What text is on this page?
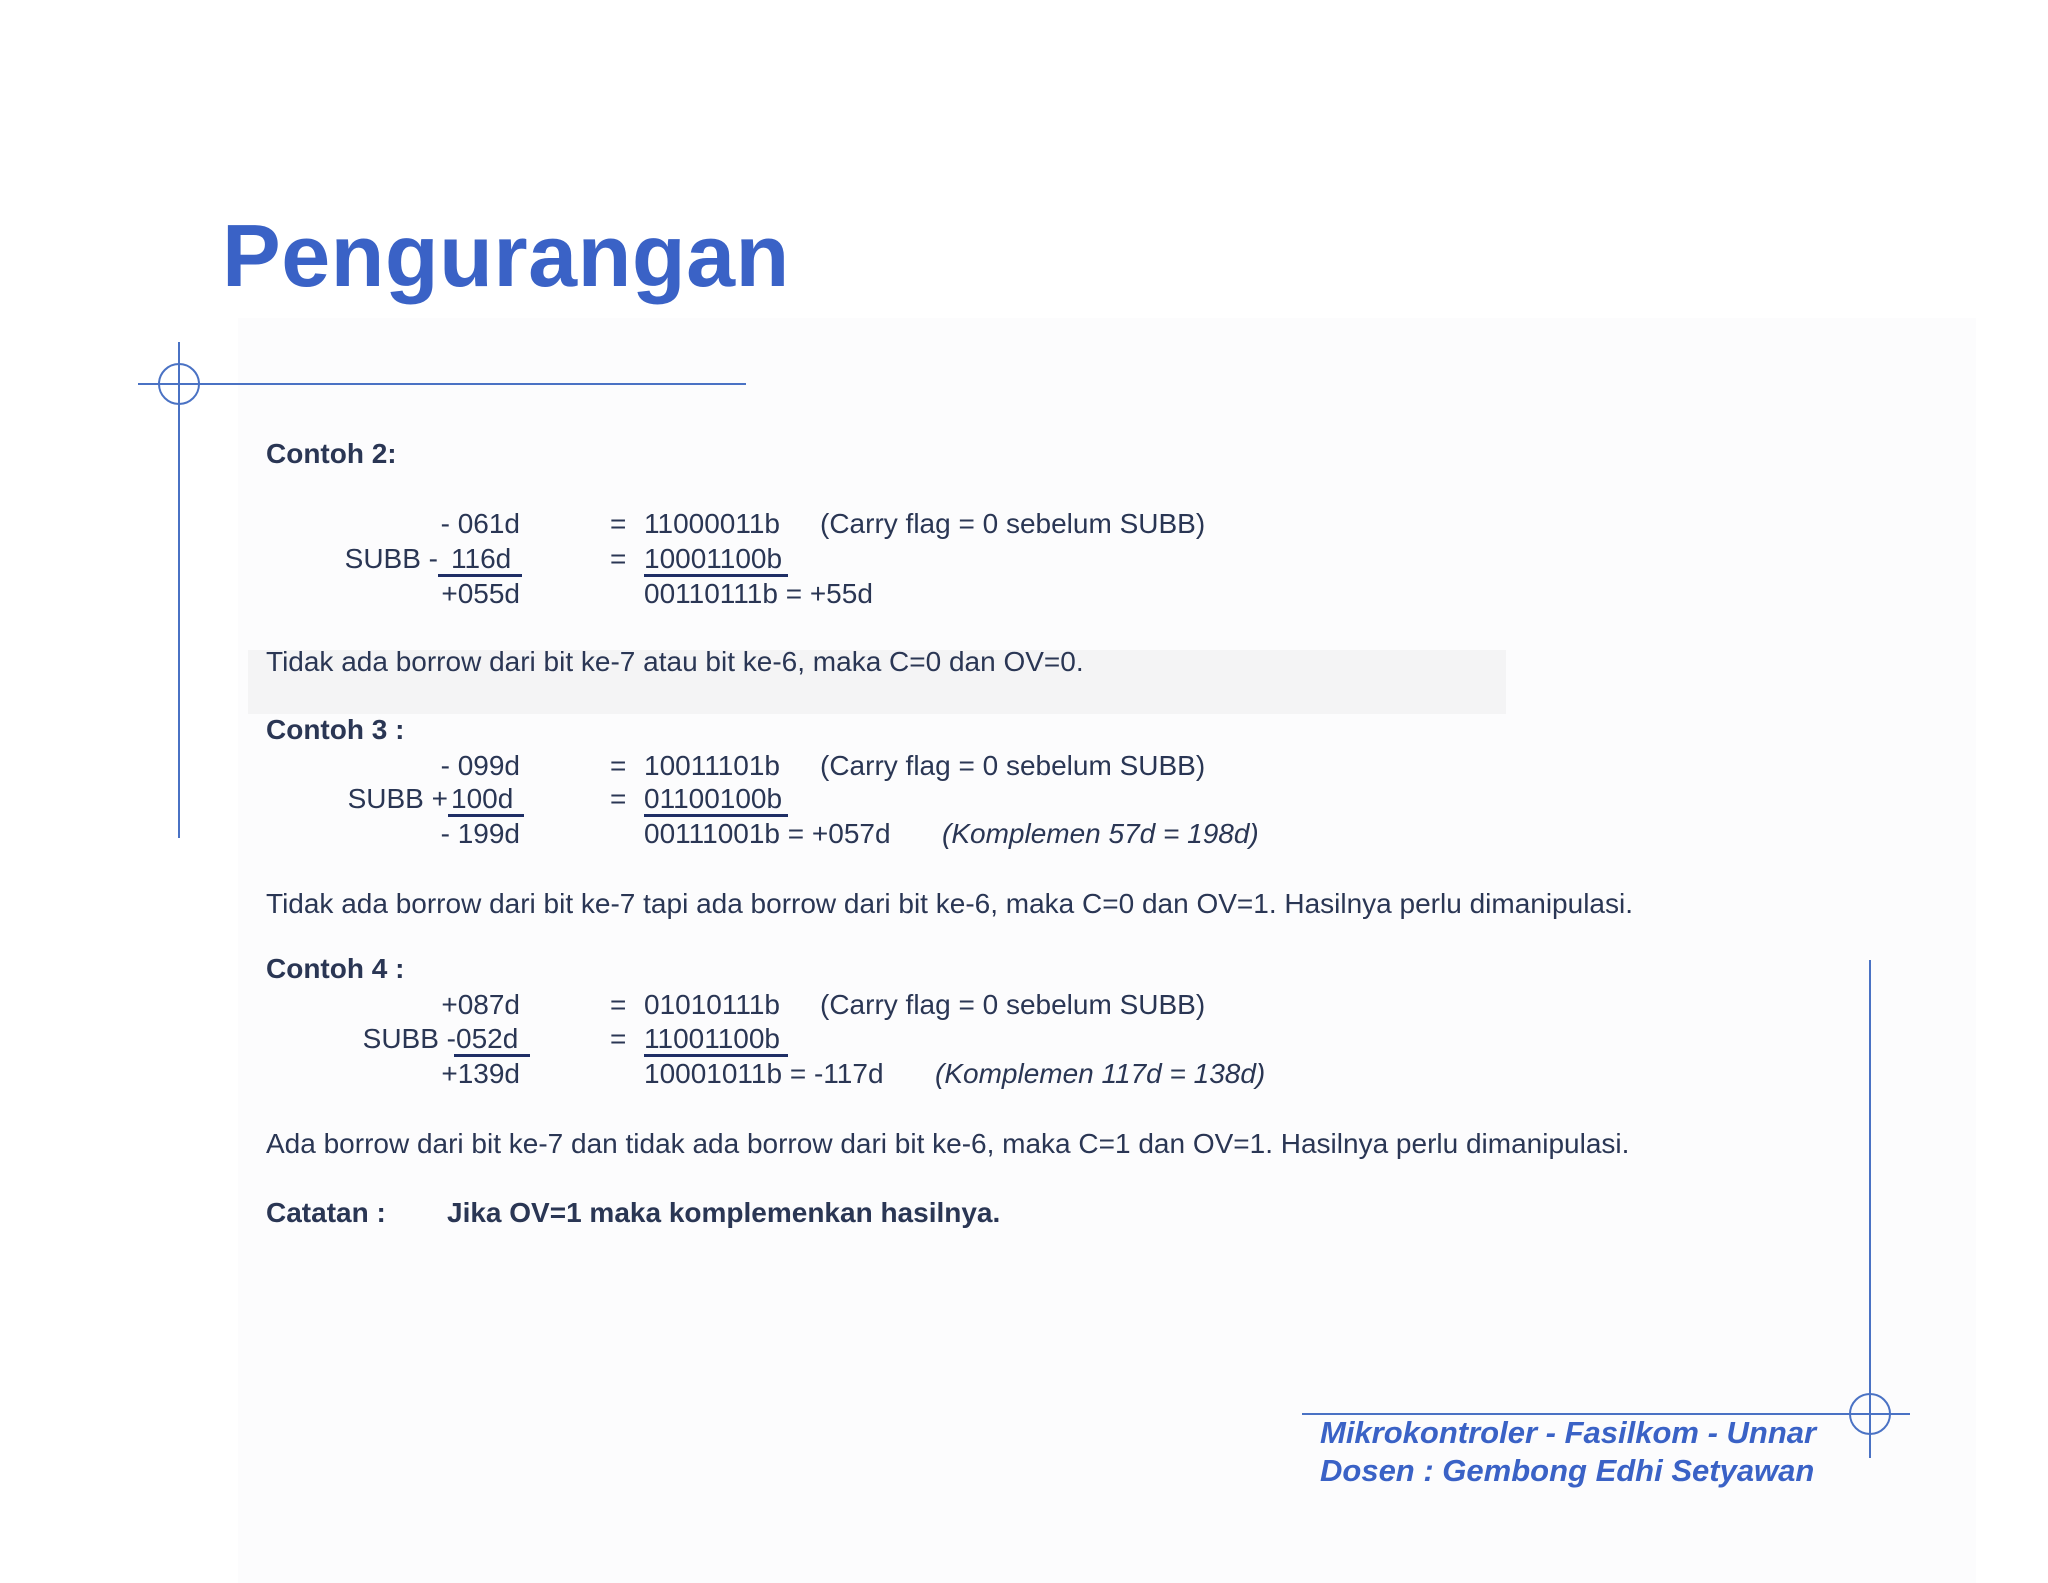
Pengurangan
Contoh 2:
- 061d
SUBB - 116d
+055d
=
=
11000011b
10001100b
00110111b = +55d
(Carry flag = 0 sebelum SUBB)
Tidak ada borrow dari bit ke-7 atau bit ke-6, maka C=0 dan OV=0.
Contoh 3 :
- 099d
SUBB + 100d
- 199d
=
=
10011101b
01100100b
00111001b = +057d
(Carry flag = 0 sebelum SUBB)
(Komplemen 57d = 198d)
Tidak ada borrow dari bit ke-7 tapi ada borrow dari bit ke-6, maka C=0 dan OV=1. Hasilnya perlu dimanipulasi.
Contoh 4 :
+087d
SUBB - 052d
+139d
=
=
01010111b
11001100b
10001011b = -117d
(Carry flag = 0 sebelum SUBB)
(Komplemen 117d = 138d)
Ada borrow dari bit ke-7 dan tidak ada borrow dari bit ke-6, maka C=1 dan OV=1. Hasilnya perlu dimanipulasi.
Catatan : Jika OV=1 maka komplemenkan hasilnya.
Mikrokontroler - Fasilkom - Unnar
Dosen : Gembong Edhi Setyawan
